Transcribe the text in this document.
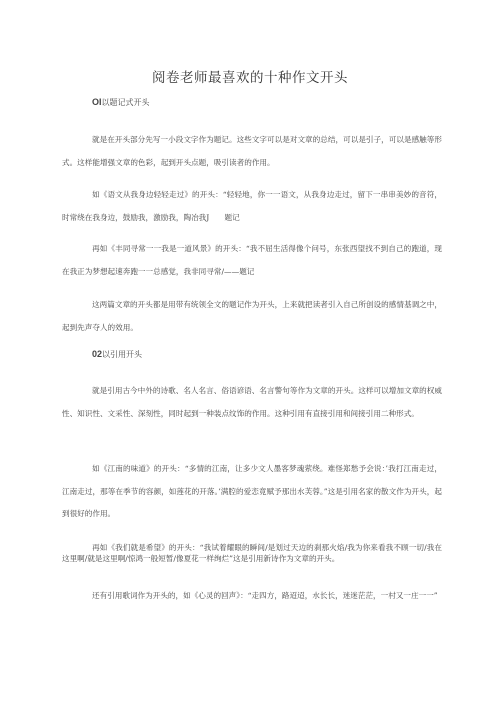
阅卷老师最喜欢的十种作文开头
OI以题记式开头

就是在开头部分先写一小段文字作为题记。这些文字可以是对文章的总结，可以是引子，可以是感触等形式。这样能增强文章的色彩，起到开头点题，吸引读者的作用。

如《语文从我身边轻轻走过》的开头：“轻轻地，你一一语文，从我身边走过，留下一串串美妙的音符，时常绕在我身边，鼓励我，激励我，陶冶我J　　题记

再如《丰同寻常一一我是一道风景》的开头：“我不屈生活得像个问号，东张西望找不到自己的跑道，现在我正为梦想起速奔跑一一总感觉，我非同寻常/——题记

这两篇文章的开头都是用带有统领全文的题记作为开头，上来就把读者引入自己所创设的感情基调之中，起到先声夺人的效用。

02以引用开头

就是引用古今中外的诗歌、名人名言、俗语谚语、名言警句等作为文章的开头。这样可以增加文章的权威性、知识性、文采性、深刻性，同时起到一种装点纹饰的作用。这种引用有直接引用和间接引用二种形式。

如《江南的味道》的开头：“多情的江南，让多少文人墨客梦魂萦绕。难怪郑愁予会说：’我打江南走过，江南走过，那等在季节的容颜，如莲花的开落。’满腔的爱恋竟赋予那出水芙蓉。”这是引用名家的散文作为开头，起到很好的作用。

再如《我们就是希望》的开头：“我试着耀眼的瞬间/是划过天边的刹那火焰/我为你来看我不顾一切/我在这里啊/就是这里啊/惊鸿一般短暂/像夏花一样绚烂”这是引用新诗作为文章的开头。

还有引用歌词作为开头的，如《心灵的回声》：“走四方，路迢迢，水长长，迷迷茫茫，一村又一庄一一”
